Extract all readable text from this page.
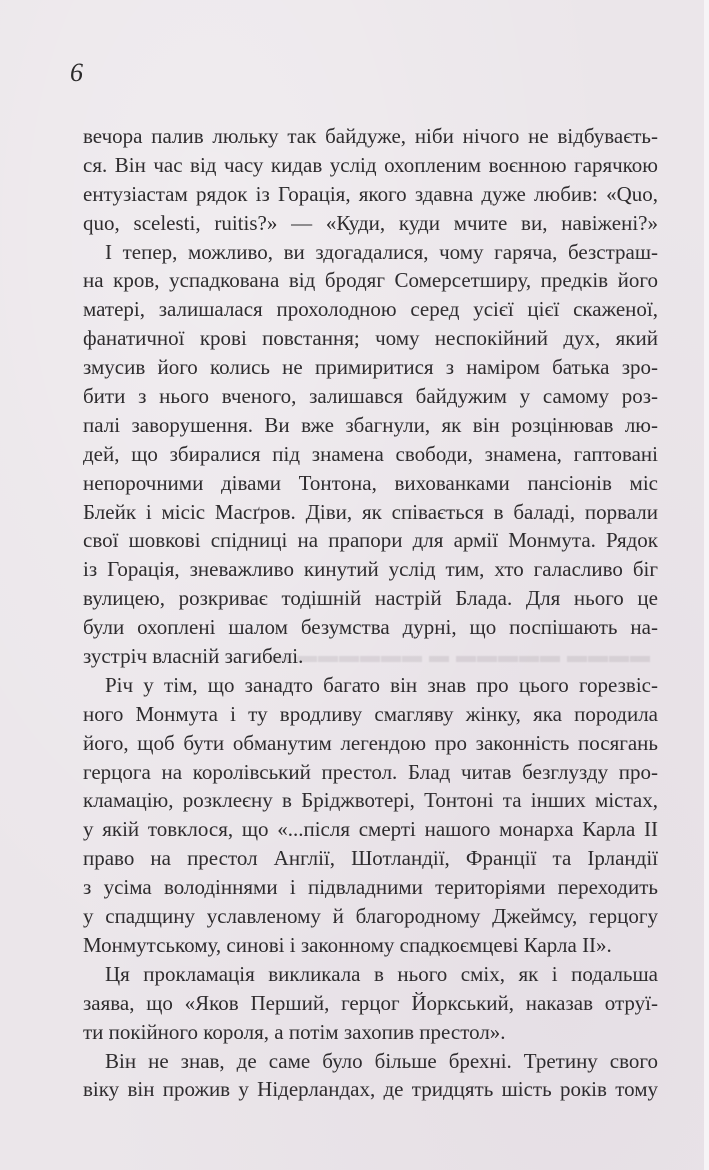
6
▬▬▬▬ ▬▬▬▬▬ ▬ ▬▬▬▬▬▬ ▬
вечора палив люльку так байдуже, ніби нічого не відбуваєть-
ся. Він час від часу кидав услід охопленим воєнною гарячкою
ентузіастам рядок із Горація, якого здавна дуже любив: «Quo,
quo, scelesti, ruitis?» — «Куди, куди мчите ви, навіжені?»
І тепер, можливо, ви здогадалися, чому гаряча, безстраш-
на кров, успадкована від бродяг Сомерсетширу, предків його
матері, залишалася прохолодною серед усієї цієї скаженої,
фанатичної крові повстання; чому неспокійний дух, який
змусив його колись не примиритися з наміром батька зро-
бити з нього вченого, залишався байдужим у самому роз-
палі заворушення. Ви вже збагнули, як він розцінював лю-
дей, що збиралися під знамена свободи, знамена, гаптовані
непорочними дівами Тонтона, вихованками пансіонів міс
Блейк і місіс Масґров. Діви, як співається в баладі, порвали
свої шовкові спідниці на прапори для армії Монмута. Рядок
із Горація, зневажливо кинутий услід тим, хто галасливо біг
вулицею, розкриває тодішній настрій Блада. Для нього це
були охоплені шалом безумства дурні, що поспішають на-
зустріч власній загибелі.
Річ у тім, що занадто багато він знав про цього горезвіс-
ного Монмута і ту вродливу смагляву жінку, яка породила
його, щоб бути обманутим легендою про законність посягань
герцога на королівський престол. Блад читав безглузду про-
кламацію, розклеєну в Бріджвотері, Тонтоні та інших містах,
у якій товклося, що «...після смерті нашого монарха Карла II
право на престол Англії, Шотландії, Франції та Ірландії
з усіма володіннями і підвладними територіями переходить
у спадщину уславленому й благородному Джеймсу, герцогу
Монмутському, синові і законному спадкоємцеві Карла II».
Ця прокламація викликала в нього сміх, як і подальша
заява, що «Яков Перший, герцог Йоркський, наказав отруї-
ти покійного короля, а потім захопив престол».
Він не знав, де саме було більше брехні. Третину свого
віку він прожив у Нідерландах, де тридцять шість років тому
